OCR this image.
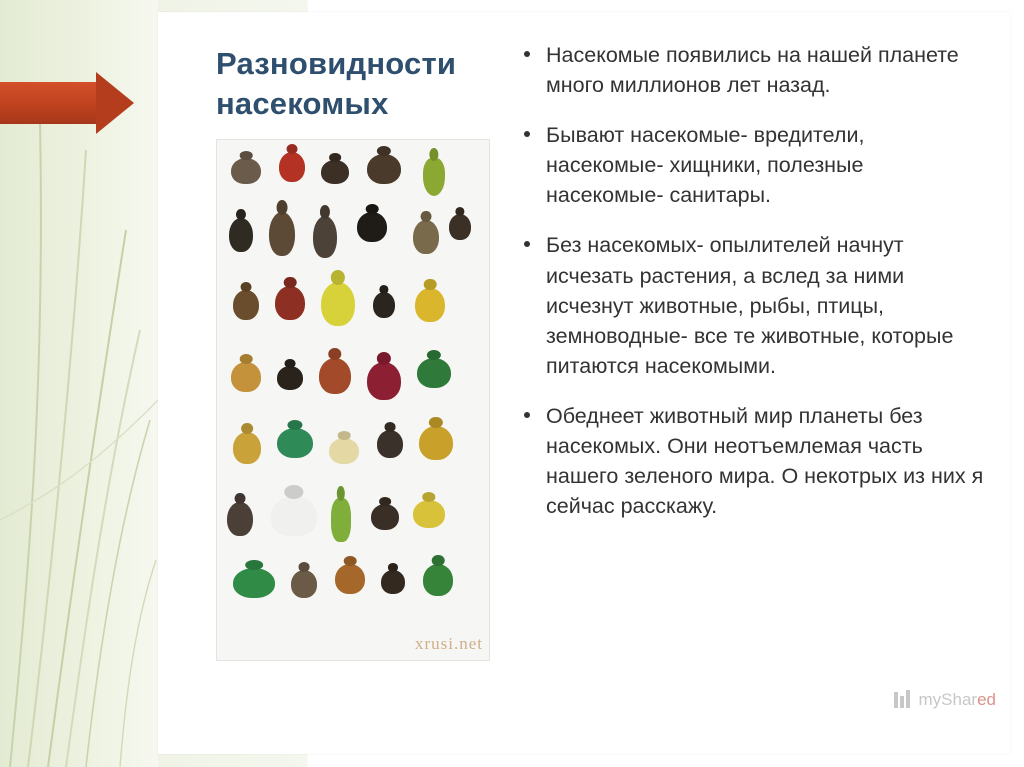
Разновидности насекомых
xrusi.net
Насекомые появились на нашей планете много миллионов лет назад.
Бывают насекомые- вредители, насекомые- хищники, полезные насекомые- санитары.
Без насекомых- опылителей начнут исчезать растения, а вслед за ними исчезнут животные, рыбы, птицы, земноводные- все те животные, которые питаются насекомыми.
Обеднеет животный мир планеты без насекомых. Они неотъемлемая часть нашего зеленого мира. О некотрых из них я сейчас расскажу.
myShared
